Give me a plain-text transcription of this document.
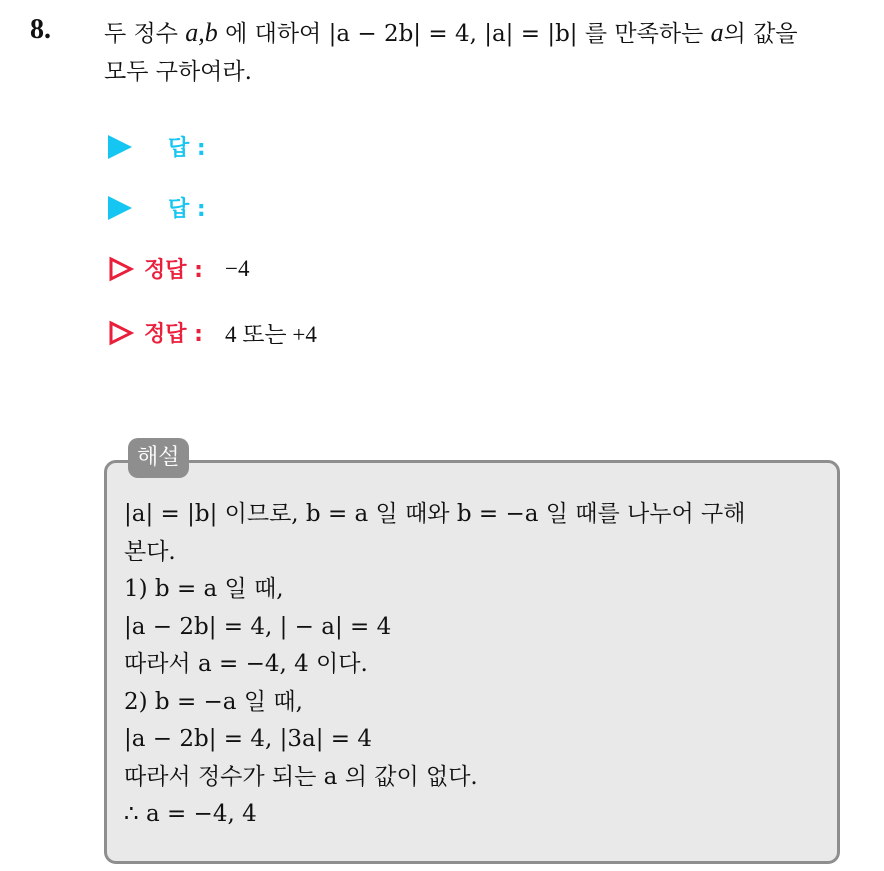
8. 두 정수 a,b 에 대하여 |a − 2b| = 4, |a| = |b| 를 만족하는 a의 값을
모두 구하여라.
답 :
답 :
정답 : −4
정답 : 4 또는 +4
해설
|a| = |b| 이므로, b = a 일 때와 b = −a 일 때를 나누어 구해
본다.
1) b = a 일 때,
|a − 2b| = 4, | − a| = 4
따라서 a = −4, 4 이다.
2) b = −a 일 때,
|a − 2b| = 4, |3a| = 4
따라서 정수가 되는 a 의 값이 없다.
∴ a = −4, 4
